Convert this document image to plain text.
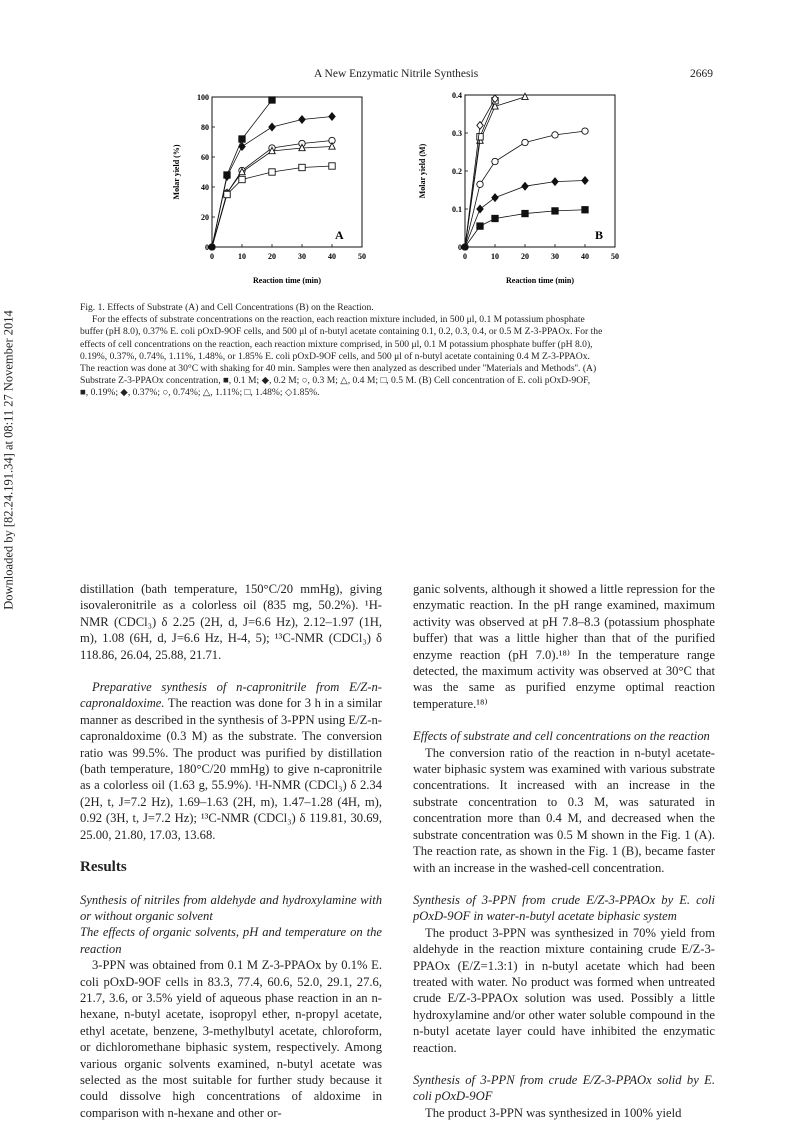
A New Enzymatic Nitrile Synthesis	2669
Downloaded by [82.24.191.34] at 08:11 27 November 2014
0	10	20	30	40	50
0
20
40
60
80
100
Reaction time (min)
Molar yield (%)
A
0	10	20	30	40	50
0
0.1
0.2
0.3
0.4
Reaction time (min)
Molar yield (M)
B
Fig. 1. Effects of Substrate (A) and Cell Concentrations (B) on the Reaction.
For the effects of substrate concentrations on the reaction, each reaction mixture included, in 500 μl, 0.1 M potassium phosphate
buffer (pH 8.0), 0.37% E. coli pOxD-9OF cells, and 500 μl of n-butyl acetate containing 0.1, 0.2, 0.3, 0.4, or 0.5 M Z-3-PPAOx. For the
effects of cell concentrations on the reaction, each reaction mixture comprised, in 500 μl, 0.1 M potassium phosphate buffer (pH 8.0),
0.19%, 0.37%, 0.74%, 1.11%, 1.48%, or 1.85% E. coli pOxD-9OF cells, and 500 μl of n-butyl acetate containing 0.4 M Z-3-PPAOx.
The reaction was done at 30°C with shaking for 40 min. Samples were then analyzed as described under ''Materials and Methods''. (A)
Substrate Z-3-PPAOx concentration, ■, 0.1 M; ◆, 0.2 M; ○, 0.3 M; △, 0.4 M; □, 0.5 M. (B) Cell concentration of E. coli pOxD-9OF,
■, 0.19%; ◆, 0.37%; ○, 0.74%; △, 1.11%; □, 1.48%; ◇1.85%.

distillation (bath temperature, 150°C/20 mmHg), giving isovaleronitrile as a colorless oil (835 mg, 50.2%). ¹H-NMR (CDCl₃) δ 2.25 (2H, d, J=6.6 Hz), 2.12–1.97 (1H, m), 1.08 (6H, d, J=6.6 Hz, H-4, 5); ¹³C-NMR (CDCl₃) δ 118.86, 26.04, 25.88, 21.71.

Preparative synthesis of n-capronitrile from E/Z-n-capronaldoxime. The reaction was done for 3 h in a similar manner as described in the synthesis of 3-PPN using E/Z-n-capronaldoxime (0.3 M) as the substrate. The conversion ratio was 99.5%. The product was purified by distillation (bath temperature, 180°C/20 mmHg) to give n-capronitrile as a colorless oil (1.63 g, 55.9%). ¹H-NMR (CDCl₃) δ 2.34 (2H, t, J=7.2 Hz), 1.69–1.63 (2H, m), 1.47–1.28 (4H, m), 0.92 (3H, t, J=7.2 Hz); ¹³C-NMR (CDCl₃) δ 119.81, 30.69, 25.00, 21.80, 17.03, 13.68.

Results

Synthesis of nitriles from aldehyde and hydroxylamine with or without organic solvent

The effects of organic solvents, pH and temperature on the reaction

3-PPN was obtained from 0.1 M Z-3-PPAOx by 0.1% E. coli pOxD-9OF cells in 83.3, 77.4, 60.6, 52.0, 29.1, 27.6, 21.7, 3.6, or 3.5% yield of aqueous phase reaction in an n-hexane, n-butyl acetate, isopropyl ether, n-propyl acetate, ethyl acetate, benzene, 3-methylbutyl acetate, chloroform, or dichloromethane biphasic system, respectively. Among various organic solvents examined, n-butyl acetate was selected as the most suitable for further study because it could dissolve high concentrations of aldoxime in comparison with n-hexane and other or-

ganic solvents, although it showed a little repression for the enzymatic reaction. In the pH range examined, maximum activity was observed at pH 7.8–8.3 (potassium phosphate buffer) that was a little higher than that of the purified enzyme reaction (pH 7.0).¹⁸⁾ In the temperature range detected, the maximum activity was observed at 30°C that was the same as purified enzyme optimal reaction temperature.¹⁸⁾

Effects of substrate and cell concentrations on the reaction

The conversion ratio of the reaction in n-butyl acetate-water biphasic system was examined with various substrate concentrations. It increased with an increase in the substrate concentration to 0.3 M, was saturated in concentration more than 0.4 M, and decreased when the substrate concentration was 0.5 M shown in the Fig. 1 (A). The reaction rate, as shown in the Fig. 1 (B), became faster with an increase in the washed-cell concentration.

Synthesis of 3-PPN from crude E/Z-3-PPAOx by E. coli pOxD-9OF in water-n-butyl acetate biphasic system

The product 3-PPN was synthesized in 70% yield from aldehyde in the reaction mixture containing crude E/Z-3-PPAOx (E/Z=1.3:1) in n-butyl acetate which had been treated with water. No product was formed when untreated crude E/Z-3-PPAOx solution was used. Possibly a little hydroxylamine and/or other water soluble compound in the n-butyl acetate layer could have inhibited the enzymatic reaction.

Synthesis of 3-PPN from crude E/Z-3-PPAOx solid by E. coli pOxD-9OF

The product 3-PPN was synthesized in 100% yield
